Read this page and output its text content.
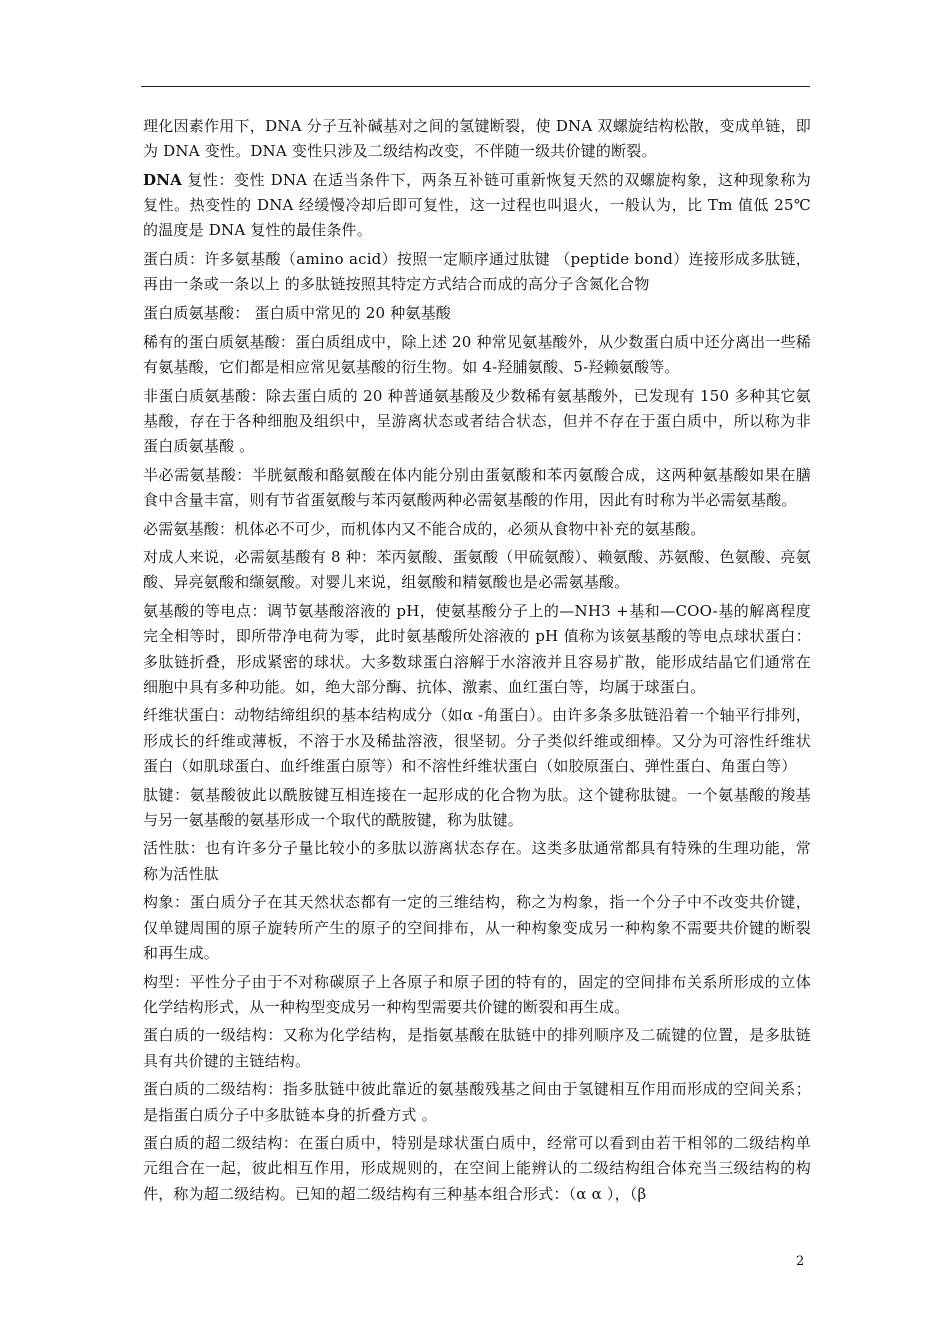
理化因素作用下，DNA 分子互补碱基对之间的氢键断裂，使 DNA 双螺旋结构松散，变成单链，即为 DNA 变性。DNA 变性只涉及二级结构改变，不伴随一级共价键的断裂。

DNA 复性：变性 DNA 在适当条件下，两条互补链可重新恢复天然的双螺旋构象，这种现象称为复性。热变性的 DNA 经缓慢冷却后即可复性，这一过程也叫退火，一般认为，比 Tm 值低 25℃的温度是 DNA 复性的最佳条件。

蛋白质：许多氨基酸（amino acid）按照一定顺序通过肽键 （peptide bond）连接形成多肽链，再由一条或一条以上 的多肽链按照其特定方式结合而成的高分子含氮化合物

蛋白质氨基酸： 蛋白质中常见的 20 种氨基酸

稀有的蛋白质氨基酸：蛋白质组成中，除上述 20 种常见氨基酸外，从少数蛋白质中还分离出一些稀有氨基酸，它们都是相应常见氨基酸的衍生物。如 4-羟脯氨酸、5-羟赖氨酸等。

非蛋白质氨基酸：除去蛋白质的 20 种普通氨基酸及少数稀有氨基酸外，已发现有 150 多种其它氨基酸，存在于各种细胞及组织中，呈游离状态或者结合状态，但并不存在于蛋白质中，所以称为非蛋白质氨基酸 。

半必需氨基酸：半胱氨酸和酪氨酸在体内能分别由蛋氨酸和苯丙氨酸合成，这两种氨基酸如果在膳食中含量丰富，则有节省蛋氨酸与苯丙氨酸两种必需氨基酸的作用，因此有时称为半必需氨基酸。

必需氨基酸：机体必不可少，而机体内又不能合成的，必须从食物中补充的氨基酸。

对成人来说，必需氨基酸有 8 种：苯丙氨酸、蛋氨酸（甲硫氨酸）、赖氨酸、苏氨酸、色氨酸、亮氨酸、异亮氨酸和缬氨酸。对婴儿来说，组氨酸和精氨酸也是必需氨基酸。

氨基酸的等电点：调节氨基酸溶液的 pH，使氨基酸分子上的—NH3 +基和—COO-基的解离程度完全相等时，即所带净电荷为零，此时氨基酸所处溶液的 pH 值称为该氨基酸的等电点球状蛋白：多肽链折叠，形成紧密的球状。大多数球蛋白溶解于水溶液并且容易扩散，能形成结晶它们通常在细胞中具有多种功能。如，绝大部分酶、抗体、激素、血红蛋白等，均属于球蛋白。

纤维状蛋白：动物结缔组织的基本结构成分（如α -角蛋白）。由许多条多肽链沿着一个轴平行排列，形成长的纤维或薄板，不溶于水及稀盐溶液，很坚韧。分子类似纤维或细棒。又分为可溶性纤维状蛋白（如肌球蛋白、血纤维蛋白原等）和不溶性纤维状蛋白（如胶原蛋白、弹性蛋白、角蛋白等）

肽键：氨基酸彼此以酰胺键互相连接在一起形成的化合物为肽。这个键称肽键。一个氨基酸的羧基与另一氨基酸的氨基形成一个取代的酰胺键，称为肽键。

活性肽：也有许多分子量比较小的多肽以游离状态存在。这类多肽通常都具有特殊的生理功能，常称为活性肽

构象：蛋白质分子在其天然状态都有一定的三维结构，称之为构象，指一个分子中不改变共价键，仅单键周围的原子旋转所产生的原子的空间排布，从一种构象变成另一种构象不需要共价键的断裂和再生成。

构型：平性分子由于不对称碳原子上各原子和原子团的特有的，固定的空间排布关系所形成的立体化学结构形式，从一种构型变成另一种构型需要共价键的断裂和再生成。

蛋白质的一级结构：又称为化学结构，是指氨基酸在肽链中的排列顺序及二硫键的位置，是多肽链具有共价键的主链结构。

蛋白质的二级结构：指多肽链中彼此靠近的氨基酸残基之间由于氢键相互作用而形成的空间关系；是指蛋白质分子中多肽链本身的折叠方式 。

蛋白质的超二级结构：在蛋白质中，特别是球状蛋白质中，经常可以看到由若干相邻的二级结构单元组合在一起，彼此相互作用，形成规则的，在空间上能辨认的二级结构组合体充当三级结构的构件，称为超二级结构。已知的超二级结构有三种基本组合形式：（α α ），（β

2
